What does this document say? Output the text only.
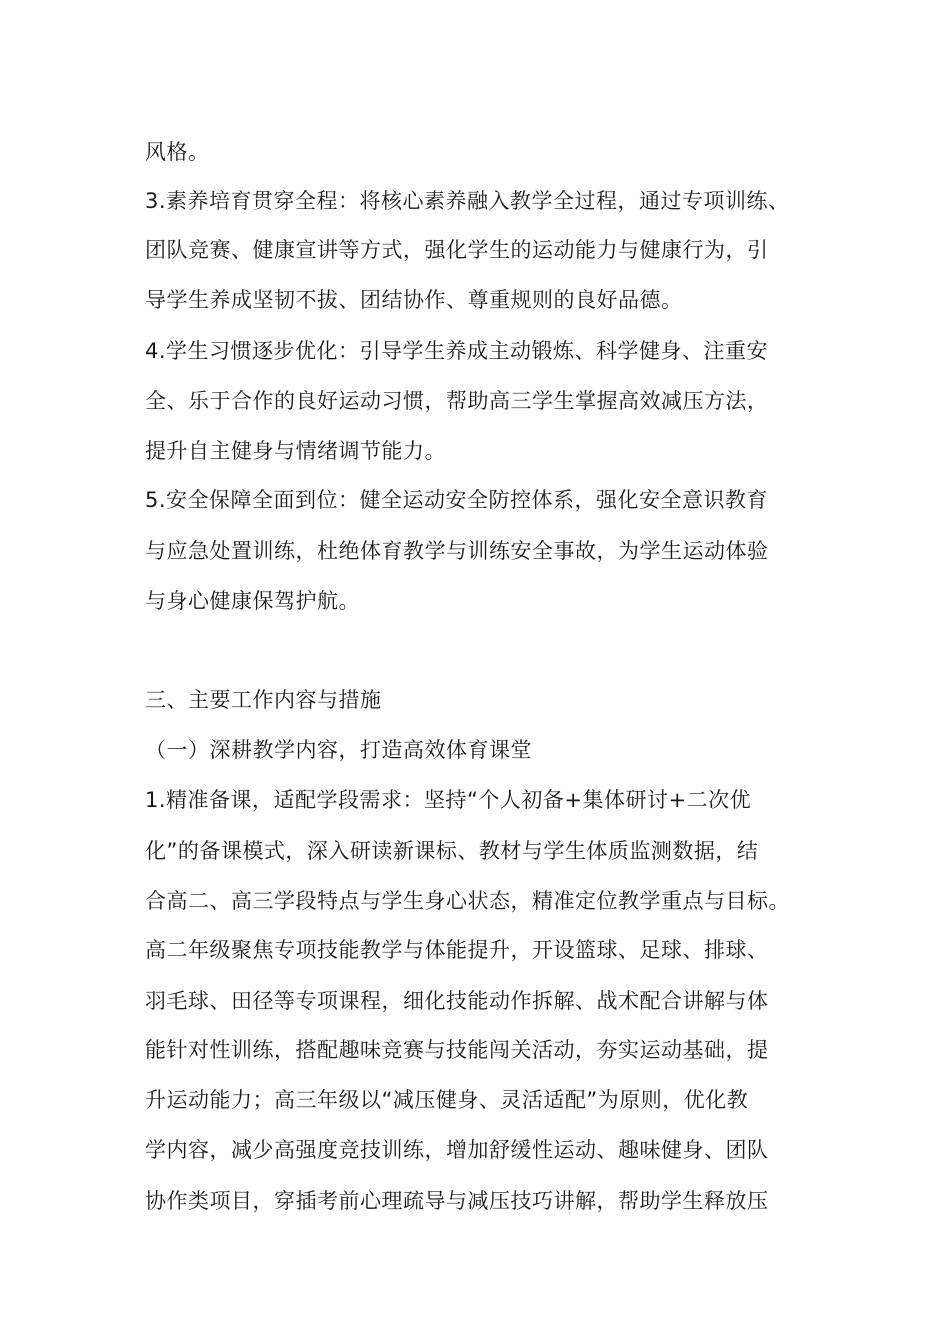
风格。
3.素养培育贯穿全程：将核心素养融入教学全过程，通过专项训练、
团队竞赛、健康宣讲等方式，强化学生的运动能力与健康行为，引
导学生养成坚韧不拔、团结协作、尊重规则的良好品德。
4.学生习惯逐步优化：引导学生养成主动锻炼、科学健身、注重安
全、乐于合作的良好运动习惯，帮助高三学生掌握高效减压方法，
提升自主健身与情绪调节能力。
5.安全保障全面到位：健全运动安全防控体系，强化安全意识教育
与应急处置训练，杜绝体育教学与训练安全事故，为学生运动体验
与身心健康保驾护航。
三、主要工作内容与措施
（一）深耕教学内容，打造高效体育课堂
1.精准备课，适配学段需求：坚持“个人初备+集体研讨+二次优
化”的备课模式，深入研读新课标、教材与学生体质监测数据，结
合高二、高三学段特点与学生身心状态，精准定位教学重点与目标。
高二年级聚焦专项技能教学与体能提升，开设篮球、足球、排球、
羽毛球、田径等专项课程，细化技能动作拆解、战术配合讲解与体
能针对性训练，搭配趣味竞赛与技能闯关活动，夯实运动基础，提
升运动能力；高三年级以“减压健身、灵活适配”为原则，优化教
学内容，减少高强度竞技训练，增加舒缓性运动、趣味健身、团队
协作类项目，穿插考前心理疏导与减压技巧讲解，帮助学生释放压
